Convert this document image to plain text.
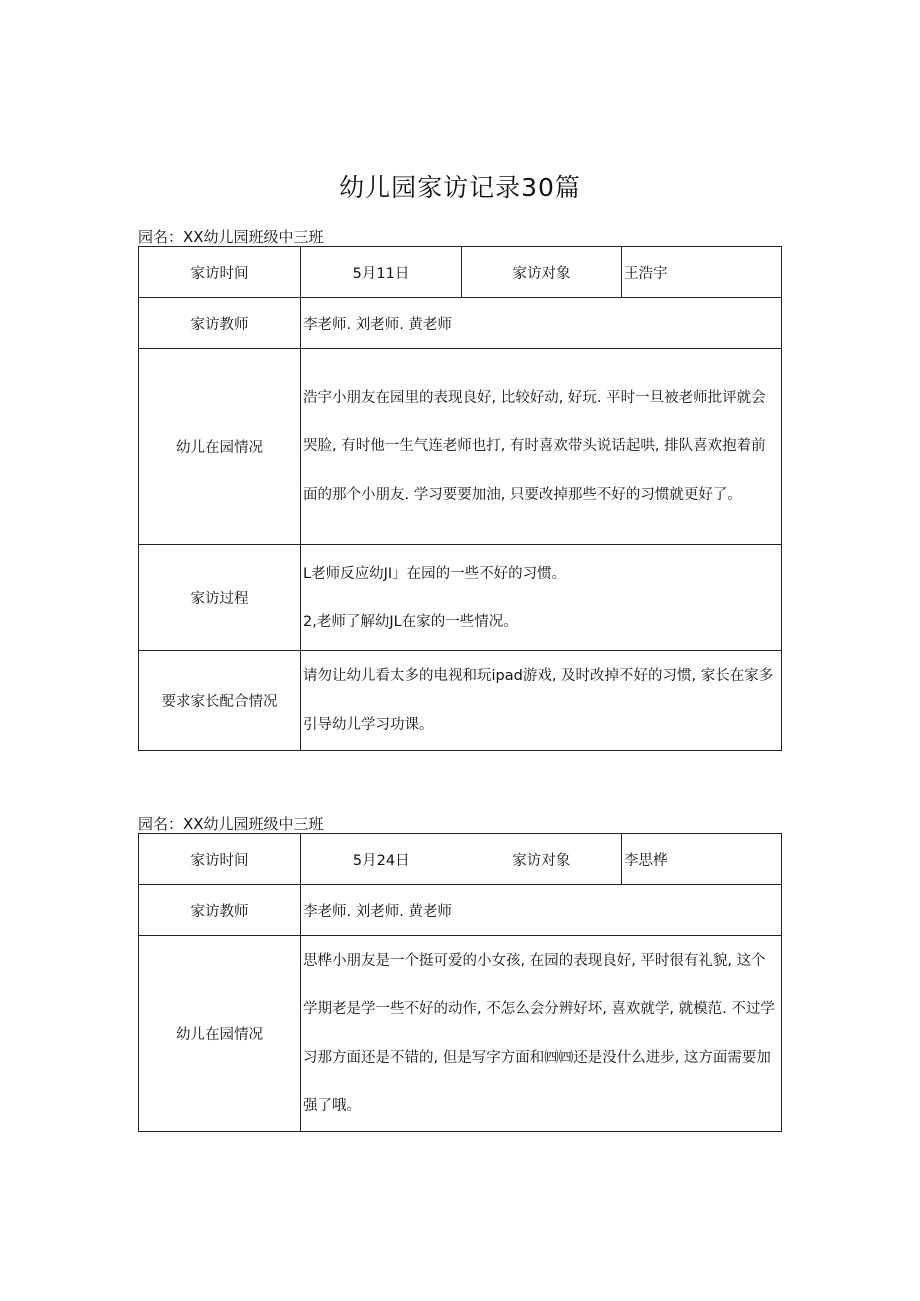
幼儿园家访记录30篇
园名：XX幼儿园班级中三班
家访时间	5月11日	家访对象	王浩宇
家访教师	李老师. 刘老师. 黄老师		
幼儿在园情况	浩宇小朋友在园里的表现良好, 比较好动, 好玩. 平时一旦被老师批评就会哭脸, 有时他一生气连老师也打, 有时喜欢带头说话起哄, 排队喜欢抱着前面的那个小朋友. 学习要要加油, 只要改掉那些不好的习惯就更好了。		
家访过程	L老师反应幼JI」在园的一些不好的习惯。
2,老师了解幼JL在家的一些情况。		

要求家长配合情况	请勿让幼儿看太多的电视和玩ipad游戏, 及时改掉不好的习惯, 家长在家多引导幼儿学习功课。		
园名：XX幼儿园班级中三班
家访时间	5月24日	家访对象	李思桦
家访教师	李老师. 刘老师. 黄老师		
幼儿在园情况	思桦小朋友是一个挺可爱的小女孩, 在园的表现良好, 平时很有礼貌, 这个学期老是学一些不好的动作, 不怎么会分辨好坏, 喜欢就学, 就模范. 不过学习那方面还是不错的, 但是写字方面和㈣㈣还是没什么进步, 这方面需要加强了哦。		
